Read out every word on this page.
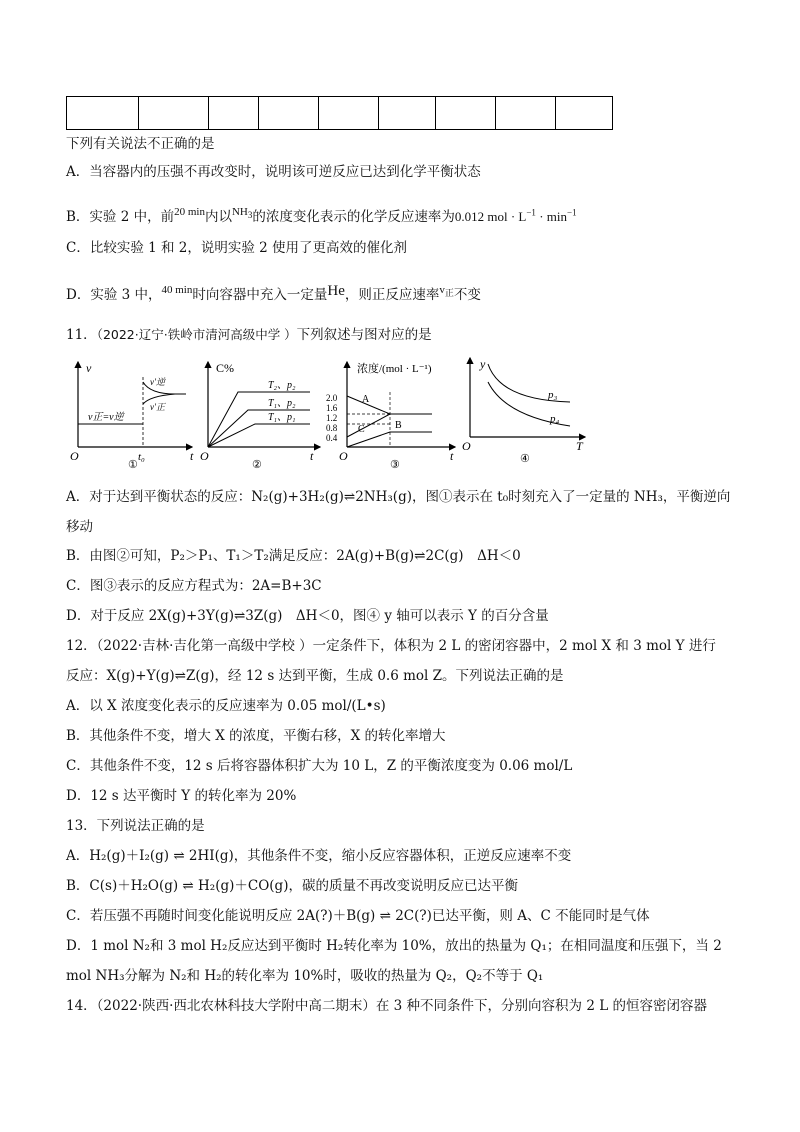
下列有关说法不正确的是
A．当容器内的压强不再改变时，说明该可逆反应已达到化学平衡状态
B．实验 2 中，前$^{20 min}$内以$^{NH_3}$的浓度变化表示的化学反应速率为0.012 mol · $L^{-1} \cdot \min^{-1}$
C．比较实验 1 和 2，说明实验 2 使用了更高效的催化剂
D．实验 3 中，$^{40 min}$时向容器中充入一定量He，则正反应速率$^{v_正}$不变
11．（2022·辽宁·铁岭市清河高级中学 ）下列叙述与图对应的是
v
O	t
t₀
v正=v逆
v′逆
v′正
①
C%
O	t
T₂、p₂
T₁、p₂
T₁、p₁
②
浓度/(mol · L⁻¹)
2.0
1.6
1.2
0.8
0.4
A
B
C
O	t
③
y
O	T
p₃
p₄
④
A．对于达到平衡状态的反应：N₂(g)+3H₂(g)⇌2NH₃(g)，图①表示在 t₀时刻充入了一定量的 NH₃，平衡逆向
移动
B．由图②可知，P₂＞P₁、T₁＞T₂满足反应：2A(g)+B(g)⇌2C(g)　ΔH＜0
C．图③表示的反应方程式为：2A=B+3C
D．对于反应 2X(g)+3Y(g)⇌3Z(g)　ΔH＜0，图④ y 轴可以表示 Y 的百分含量
12．（2022·吉林·吉化第一高级中学校 ）一定条件下，体积为 2 L 的密闭容器中，2 mol X 和 3 mol Y 进行
反应：X(g)+Y(g)⇌Z(g)，经 12 s 达到平衡，生成 0.6 mol Z。下列说法正确的是
A．以 X 浓度变化表示的反应速率为 0.05 mol/(L•s)
B．其他条件不变，增大 X 的浓度，平衡右移，X 的转化率增大
C．其他条件不变，12 s 后将容器体积扩大为 10 L，Z 的平衡浓度变为 0.06 mol/L
D．12 s 达平衡时 Y 的转化率为 20%
13．下列说法正确的是
A．H₂(g)＋I₂(g) ⇌ 2HI(g)，其他条件不变，缩小反应容器体积，正逆反应速率不变
B．C(s)＋H₂O(g) ⇌ H₂(g)＋CO(g)，碳的质量不再改变说明反应已达平衡
C．若压强不再随时间变化能说明反应 2A(?)＋B(g) ⇌ 2C(?)已达平衡，则 A、C 不能同时是气体
D．1 mol N₂和 3 mol H₂反应达到平衡时 H₂转化率为 10%，放出的热量为 Q₁；在相同温度和压强下，当 2
mol NH₃分解为 N₂和 H₂的转化率为 10%时，吸收的热量为 Q₂，Q₂不等于 Q₁
14．（2022·陕西·西北农林科技大学附中高二期末）在 3 种不同条件下，分别向容积为 2 L 的恒容密闭容器
